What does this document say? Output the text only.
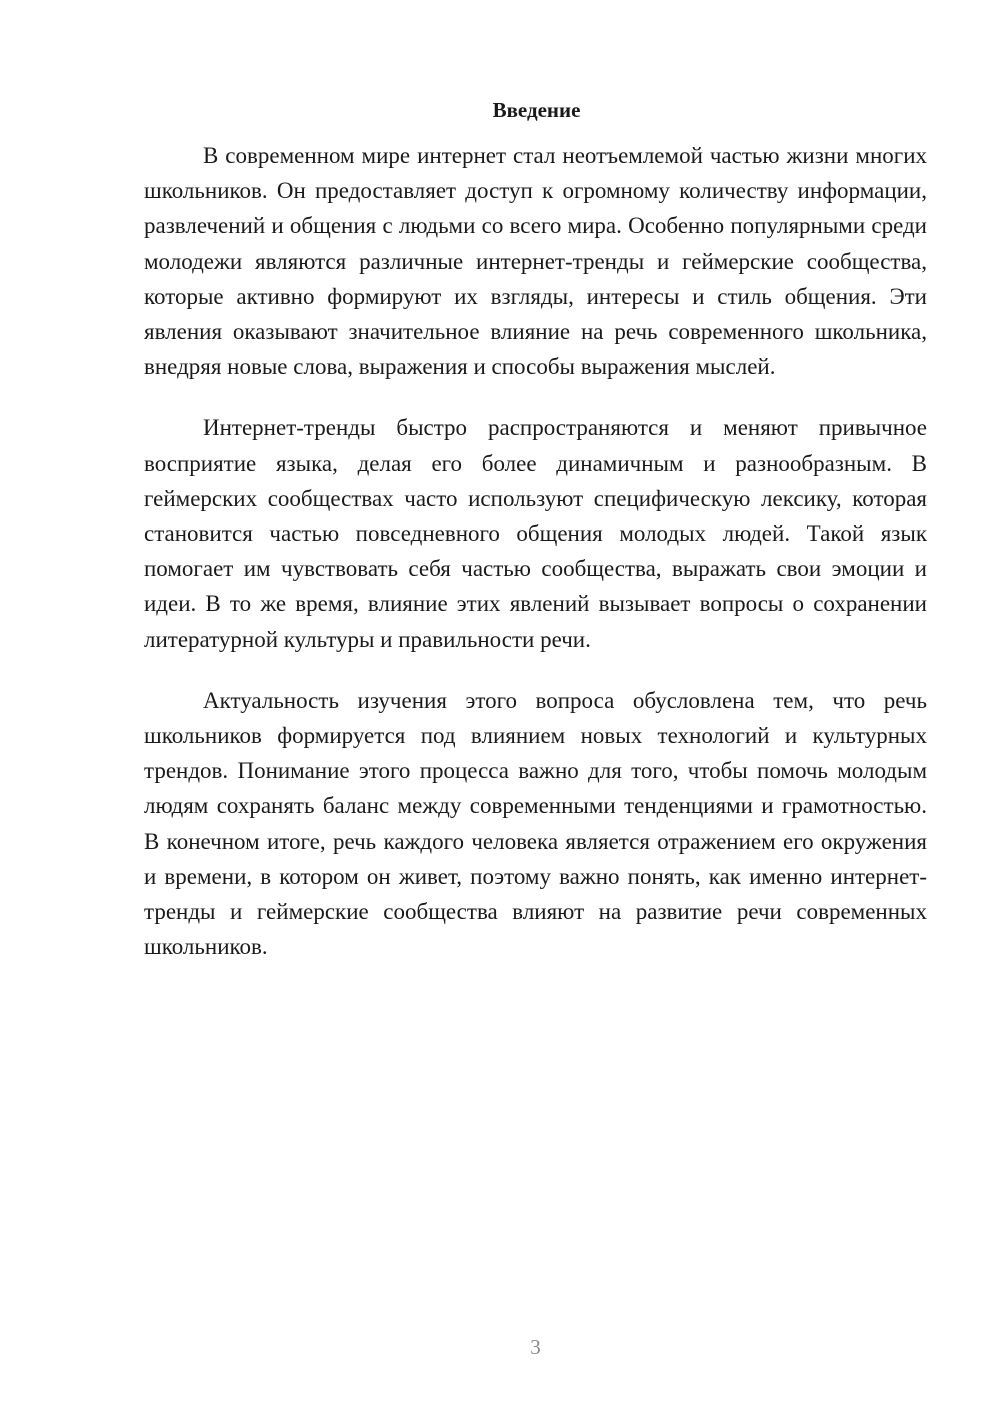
Введение

В современном мире интернет стал неотъемлемой частью жизни многих школьников. Он предоставляет доступ к огромному количеству информации, развлечений и общения с людьми со всего мира. Особенно популярными среди молодежи являются различные интернет-тренды и геймерские сообщества, которые активно формируют их взгляды, интересы и стиль общения. Эти явления оказывают значительное влияние на речь современного школьника, внедряя новые слова, выражения и способы выражения мыслей.

Интернет-тренды быстро распространяются и меняют привычное восприятие языка, делая его более динамичным и разнообразным. В геймерских сообществах часто используют специфическую лексику, которая становится частью повседневного общения молодых людей. Такой язык помогает им чувствовать себя частью сообщества, выражать свои эмоции и идеи. В то же время, влияние этих явлений вызывает вопросы о сохранении литературной культуры и правильности речи.

Актуальность изучения этого вопроса обусловлена тем, что речь школьников формируется под влиянием новых технологий и культурных трендов. Понимание этого процесса важно для того, чтобы помочь молодым людям сохранять баланс между современными тенденциями и грамотностью. В конечном итоге, речь каждого человека является отражением его окружения и времени, в котором он живет, поэтому важно понять, как именно интернет-тренды и геймерские сообщества влияют на развитие речи современных школьников.

3
